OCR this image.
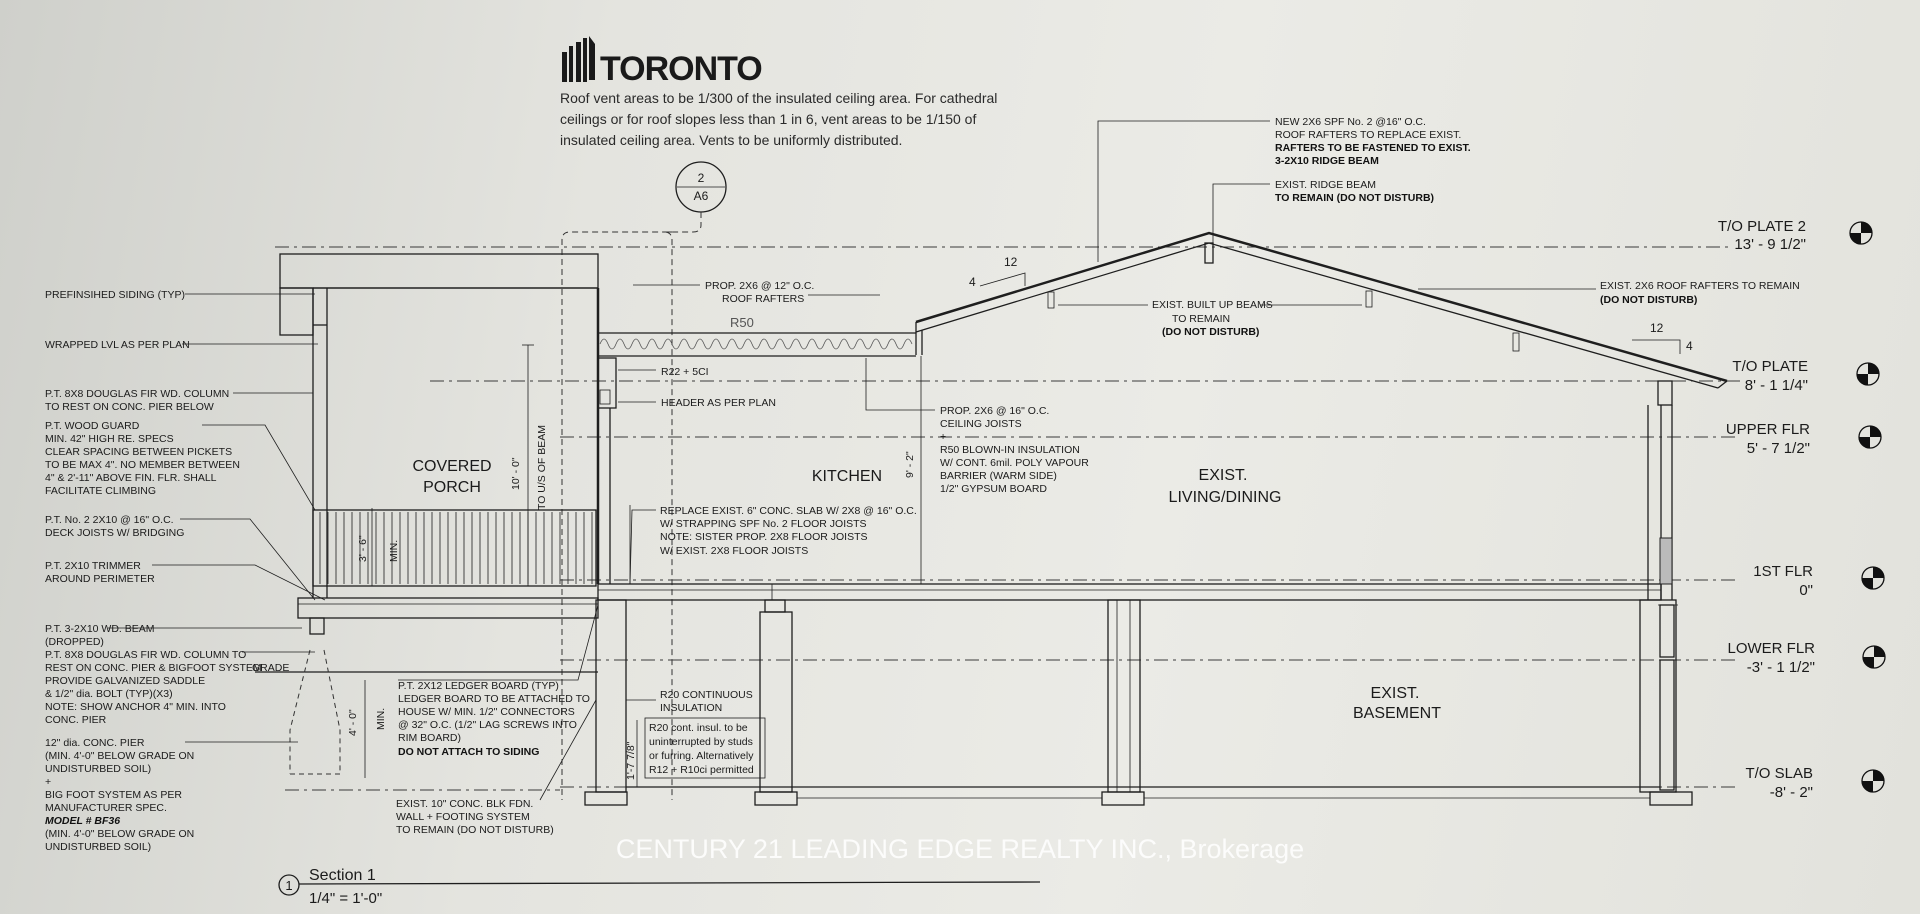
TORONTO
Roof vent areas to be 1/300 of the insulated ceiling area. For cathedral
ceilings or for roof slopes less than 1 in 6, vent areas to be 1/150 of
insulated ceiling area. Vents to be uniformly distributed.
2
A6
T/O PLATE 2
13' - 9 1/2"
T/O PLATE
8' - 1 1/4"
UPPER FLR
5' - 7 1/2"
1ST FLR
0"
LOWER FLR
-3' - 1 1/2"
T/O SLAB
-8' - 2"
12
4
12
4
10' - 0" TO U/S OF BEAM	9' - 2"
3' - 6" MIN.
4' - 0" MIN.
1'-7 7/8"
COVERED
PORCH
KITCHEN	EXIST.
LIVING/DINING
EXIST.
BASEMENT
PREFINSIHED SIDING (TYP)
WRAPPED LVL AS PER PLAN
P.T. 8X8 DOUGLAS FIR WD. COLUMN
TO REST ON CONC. PIER BELOW
P.T. WOOD GUARD
MIN. 42" HIGH RE. SPECS
CLEAR SPACING BETWEEN PICKETS
TO BE MAX 4". NO MEMBER BETWEEN
4" & 2'-11" ABOVE FIN. FLR. SHALL
FACILITATE CLIMBING
P.T. No. 2 2X10 @ 16" O.C.
DECK JOISTS W/ BRIDGING
P.T. 2X10 TRIMMER
AROUND PERIMETER
P.T. 3-2X10 WD. BEAM
(DROPPED)
P.T. 8X8 DOUGLAS FIR WD. COLUMN TO
REST ON CONC. PIER & BIGFOOT SYSTEM
PROVIDE GALVANIZED SADDLE
& 1/2" dia. BOLT (TYP)(X3)
NOTE: SHOW ANCHOR 4" MIN. INTO
CONC. PIER
12" dia. CONC. PIER
(MIN. 4'-0" BELOW GRADE ON
UNDISTURBED SOIL)
+
BIG FOOT SYSTEM AS PER
MANUFACTURER SPEC.
MODEL # BF36
(MIN. 4'-0" BELOW GRADE ON
UNDISTURBED SOIL)
GRADE
P.T. 2X12 LEDGER BOARD (TYP)
LEDGER BOARD TO BE ATTACHED TO
HOUSE W/ MIN. 1/2" CONNECTORS
@ 32" O.C. (1/2" LAG SCREWS INTO
RIM BOARD)
DO NOT ATTACH TO SIDING
EXIST. 10" CONC. BLK FDN.
WALL + FOOTING SYSTEM
TO REMAIN (DO NOT DISTURB)
R20 CONTINUOUS
INSULATION
R20 cont. insul. to be
uninterrupted by studs
or furring. Alternatively
R12 + R10ci permitted
REPLACE EXIST. 6" CONC. SLAB W/ 2X8 @ 16" O.C.
W/ STRAPPING SPF No. 2 FLOOR JOISTS
NOTE: SISTER PROP. 2X8 FLOOR JOISTS
W/ EXIST. 2X8 FLOOR JOISTS
PROP. 2X6 @ 12" O.C.
ROOF RAFTERS
R50
R22 + 5CI
HEADER AS PER PLAN
PROP. 2X6 @ 16" O.C.
CEILING JOISTS
+
R50 BLOWN-IN INSULATION
W/ CONT. 6mil. POLY VAPOUR
BARRIER (WARM SIDE)
1/2" GYPSUM BOARD
NEW 2X6 SPF No. 2 @16" O.C.
ROOF RAFTERS TO REPLACE EXIST.
RAFTERS TO BE FASTENED TO EXIST.
3-2X10 RIDGE BEAM
EXIST. RIDGE BEAM
TO REMAIN (DO NOT DISTURB)
EXIST. 2X6 ROOF RAFTERS TO REMAIN
(DO NOT DISTURB)
EXIST. BUILT UP BEAMS
TO REMAIN
(DO NOT DISTURB)
1
Section 1
1/4" = 1'-0"
CENTURY 21 LEADING EDGE REALTY INC., Brokerage
